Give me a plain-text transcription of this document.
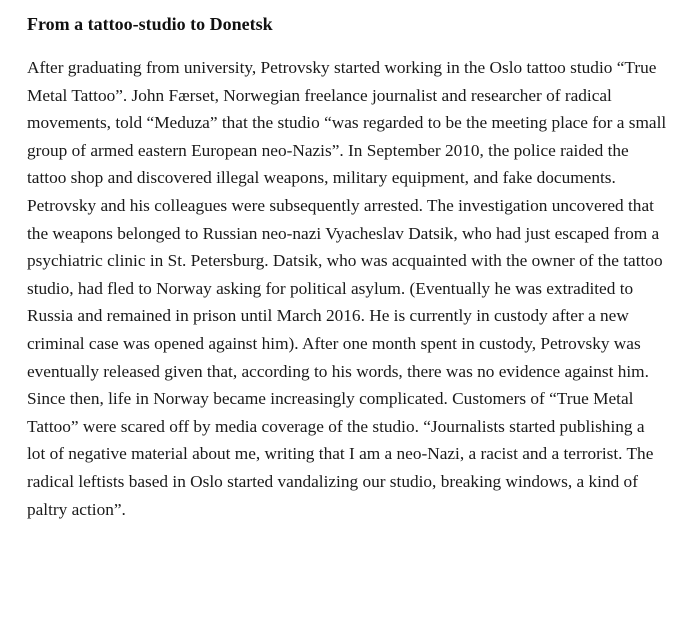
From a tattoo-studio to Donetsk

After graduating from university, Petrovsky started working in the Oslo tattoo studio “True Metal Tattoo”. John Færset, Norwegian freelance journalist and researcher of radical movements, told “Meduza” that the studio “was regarded to be the meeting place for a small group of armed eastern European neo-Nazis”. In September 2010, the police raided the tattoo shop and discovered illegal weapons, military equipment, and fake documents. Petrovsky and his colleagues were subsequently arrested. The investigation uncovered that the weapons belonged to Russian neo-nazi Vyacheslav Datsik, who had just escaped from a psychiatric clinic in St. Petersburg. Datsik, who was acquainted with the owner of the tattoo studio, had fled to Norway asking for political asylum. (Eventually he was extradited to Russia and remained in prison until March 2016. He is currently in custody after a new criminal case was opened against him). After one month spent in custody, Petrovsky was eventually released given that, according to his words, there was no evidence against him. Since then, life in Norway became increasingly complicated. Customers of “True Metal Tattoo” were scared off by media coverage of the studio. “Journalists started publishing a lot of negative material about me, writing that I am a neo-Nazi, a racist and a terrorist. The radical leftists based in Oslo started vandalizing our studio, breaking windows, a kind of paltry action”.
